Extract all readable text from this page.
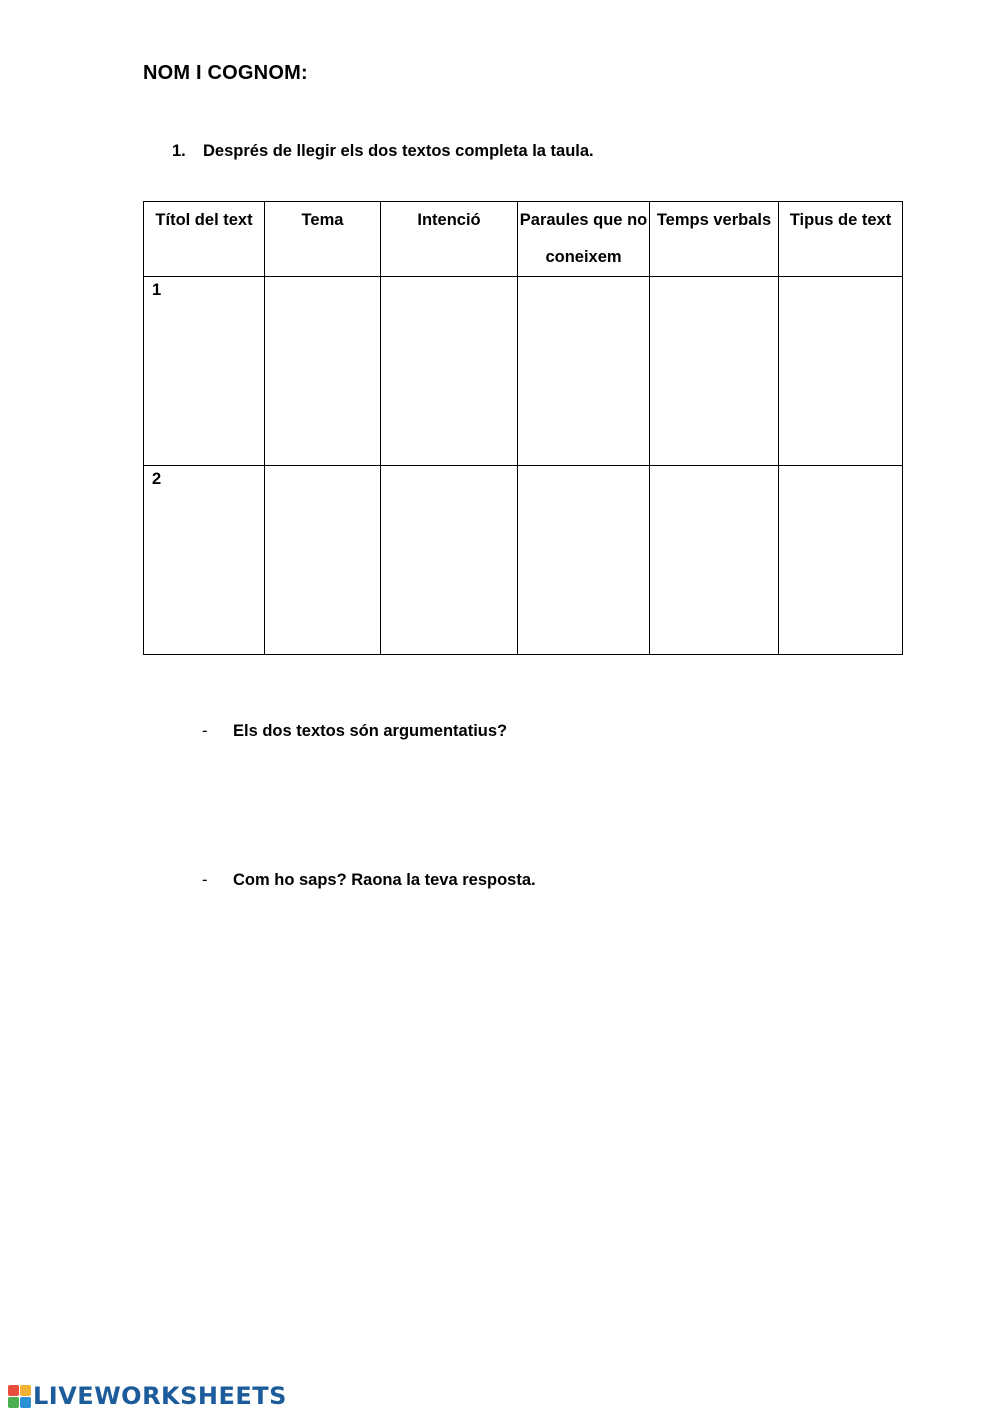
NOM I COGNOM:
1. Després de llegir els dos textos completa la taula.
Títol del text	Tema	Intenció	Paraules que no coneixem	Temps verbals	Tipus de text
1					
2					
- Els dos textos són argumentatius?
- Com ho saps? Raona la teva resposta.
LIVEWORKSHEETS
